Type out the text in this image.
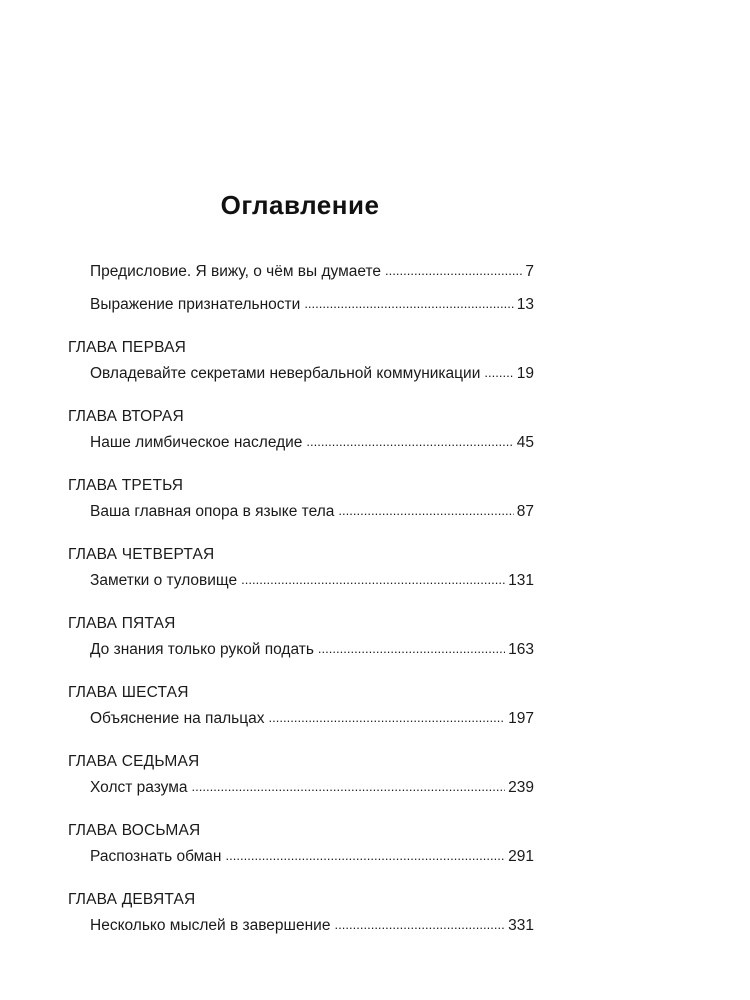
Оглавление
Предисловие. Я вижу, о чём вы думаете . . .	7
Выражение признательности . . .	13
ГЛАВА ПЕРВАЯ
Овладевайте секретами невербальной коммуникации . . . 19
ГЛАВА ВТОРАЯ
Наше лимбическое наследие . . .	45
ГЛАВА ТРЕТЬЯ
Ваша главная опора в языке тела . . .	87
ГЛАВА ЧЕТВЕРТАЯ
Заметки о туловище . . .	131
ГЛАВА ПЯТАЯ
До знания только рукой подать . . .	163
ГЛАВА ШЕСТАЯ
Объяснение на пальцах . . .	197
ГЛАВА СЕДЬМАЯ
Холст разума . . .	239
ГЛАВА ВОСЬМАЯ
Распознать обман . . .	291
ГЛАВА ДЕВЯТАЯ
Несколько мыслей в завершение . . .	331
